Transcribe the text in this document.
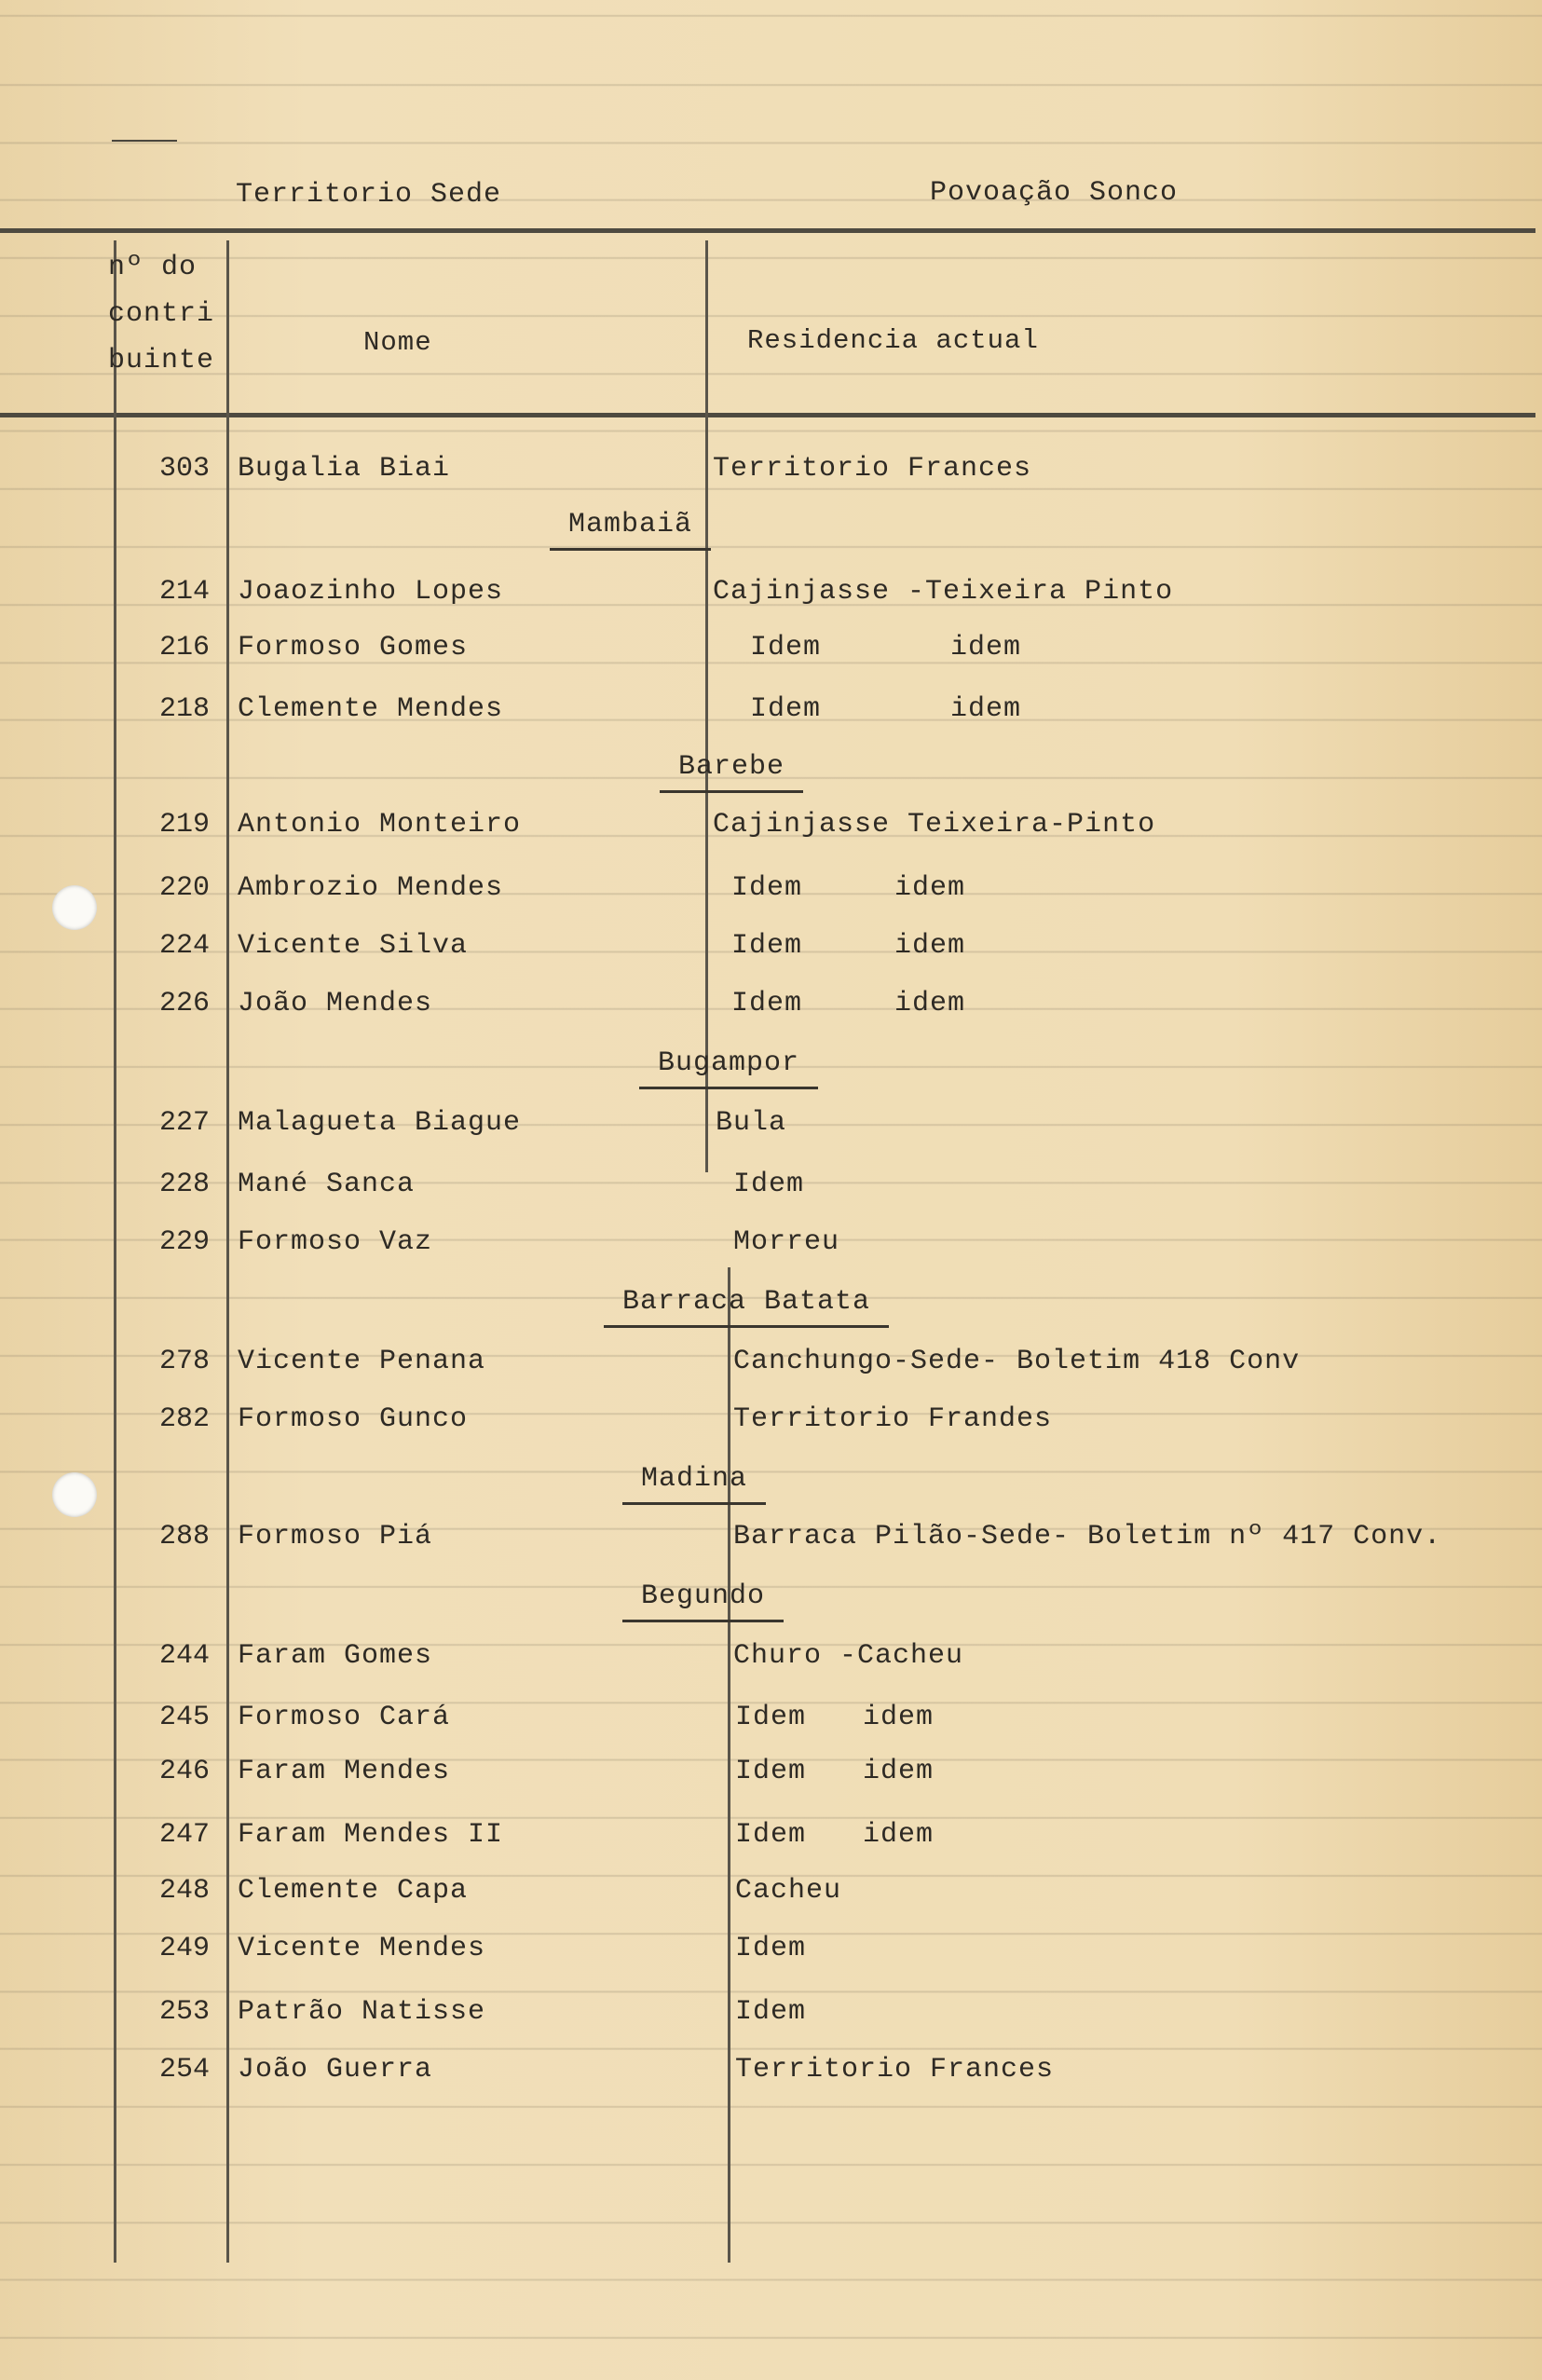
Territorio Sede	Povoação Sonco
nº do
contri
buinte
Nome	Residencia actual
303 Bugalia Biai	Territorio Frances
Mambaiã
214 Joaozinho Lopes	Cajinjasse -Teixeira Pinto
216 Formoso Gomes	Idem	idem
218 Clemente Mendes	Idem	idem
Barebe
219 Antonio Monteiro	Cajinjasse Teixeira-Pinto
220 Ambrozio Mendes	Idem	idem
224 Vicente Silva	Idem	idem
226 João Mendes	Idem	idem
Bugampor
227 Malagueta Biague	Bula
228 Mané Sanca	Idem
229 Formoso Vaz	Morreu
Barraca Batata
278 Vicente Penana	Canchungo-Sede- Boletim 418 Conv
282 Formoso Gunco	Territorio Frandes
Madina
288 Formoso Piá	Barraca Pilão-Sede- Boletim nº 417 Conv.
Begundo
244 Faram Gomes	Churo -Cacheu
245 Formoso Cará	Idem idem
246 Faram Mendes	Idem idem
247 Faram Mendes II	Idem idem
248 Clemente Capa	Cacheu
249 Vicente Mendes	Idem
253 Patrão Natisse	Idem
254 João Guerra	Territorio Frances
